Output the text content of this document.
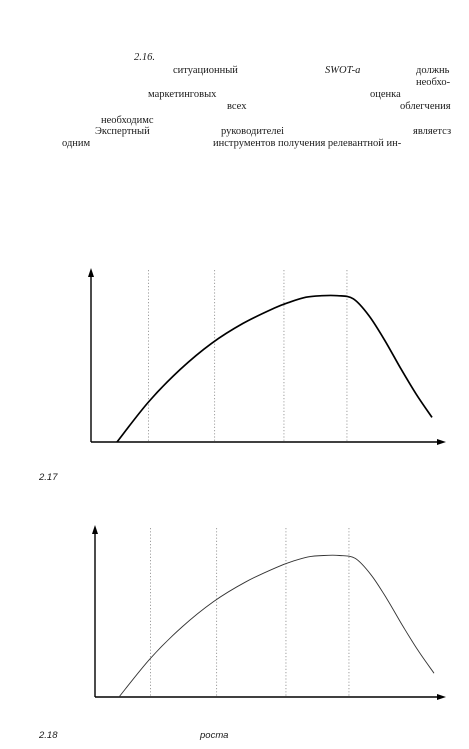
2.16.
ситуационный	SWOT-a	должнь
необхо-
маркетинговых	оценка
всех	облегчения
необходимс
Экспертный	руководителеі	являетсз
одним	инструментов получения релевантной ин-
2.17
2.18	роста
